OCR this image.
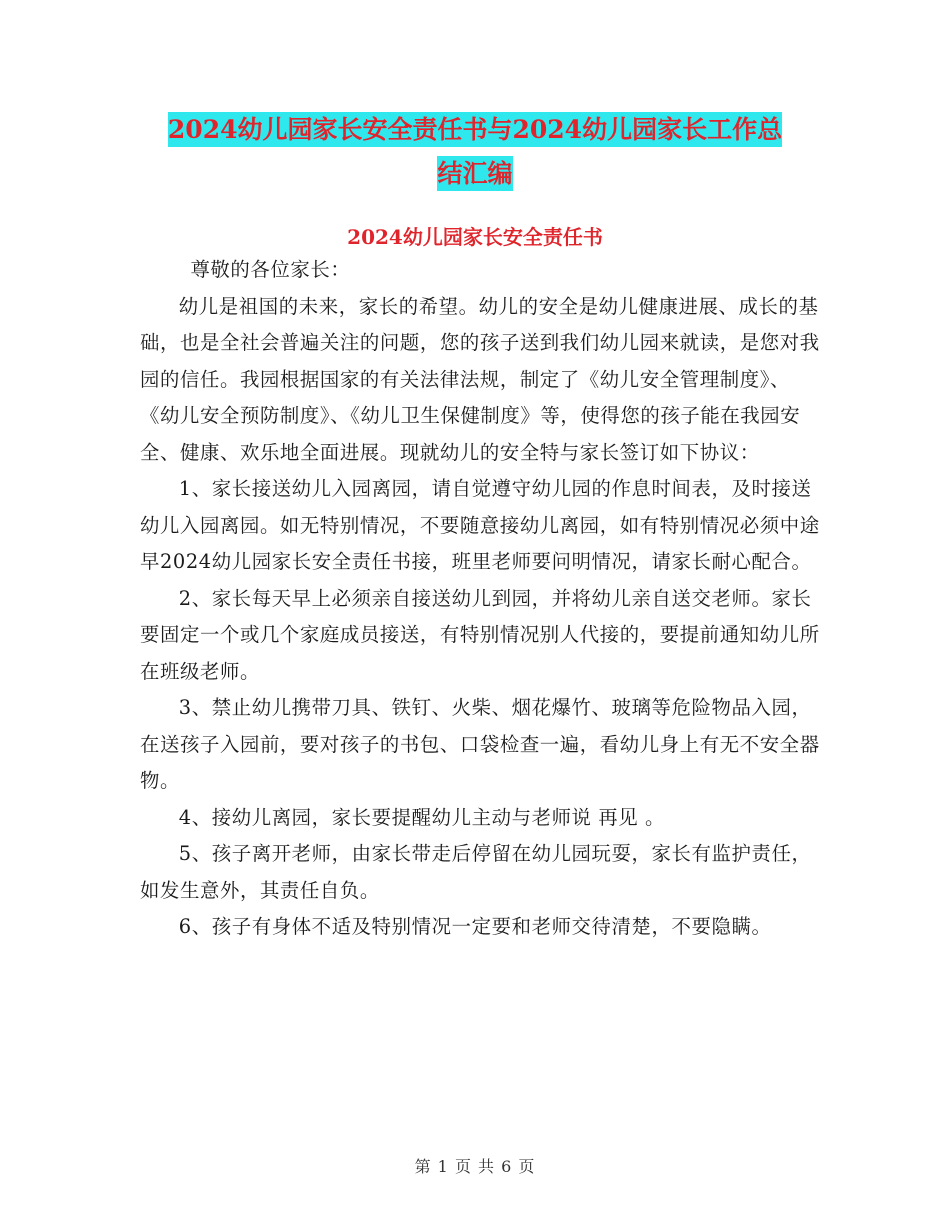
2024幼儿园家长安全责任书与2024幼儿园家长工作总
结汇编
2024幼儿园家长安全责任书

尊敬的各位家长：

幼儿是祖国的未来，家长的希望。幼儿的安全是幼儿健康进展、成长的基础，也是全社会普遍关注的问题，您的孩子送到我们幼儿园来就读，是您对我园的信任。我园根据国家的有关法律法规，制定了《幼儿安全管理制度》、《幼儿安全预防制度》、《幼儿卫生保健制度》等，使得您的孩子能在我园安全、健康、欢乐地全面进展。现就幼儿的安全特与家长签订如下协议：

1、家长接送幼儿入园离园，请自觉遵守幼儿园的作息时间表，及时接送幼儿入园离园。如无特别情况，不要随意接幼儿离园，如有特别情况必须中途早2024幼儿园家长安全责任书接，班里老师要问明情况，请家长耐心配合。

2、家长每天早上必须亲自接送幼儿到园，并将幼儿亲自送交老师。家长要固定一个或几个家庭成员接送，有特别情况别人代接的，要提前通知幼儿所在班级老师。

3、禁止幼儿携带刀具、铁钉、火柴、烟花爆竹、玻璃等危险物品入园，在送孩子入园前，要对孩子的书包、口袋检查一遍，看幼儿身上有无不安全器物。

4、接幼儿离园，家长要提醒幼儿主动与老师说 再见 。

5、孩子离开老师，由家长带走后停留在幼儿园玩耍，家长有监护责任，如发生意外，其责任自负。

6、孩子有身体不适及特别情况一定要和老师交待清楚，不要隐瞒。

第 1 页 共 6 页
